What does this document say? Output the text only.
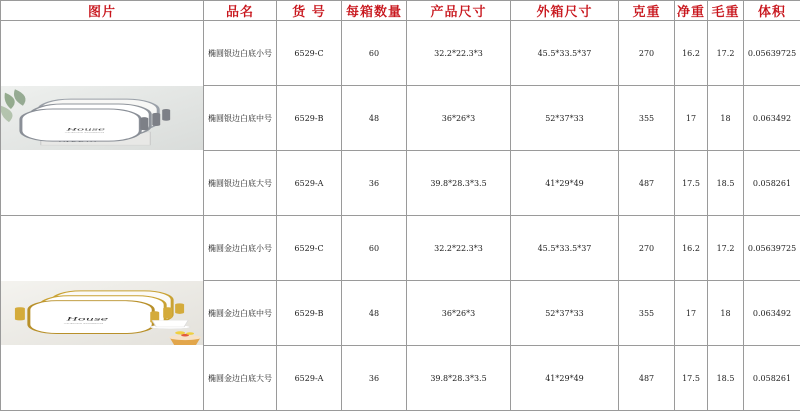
图片	品名	货 号	每箱数量	产品尺寸	外箱尺寸	克重	净重	毛重	体积

House
Household accessories	椭圆银边白底小号	6529-C	60	32.2*22.3*3	45.5*33.5*37	270	16.2	17.2	0.05639725
	椭圆银边白底中号	6529-B	48	36*26*3	52*37*33	355	17	18	0.063492
	椭圆银边白底大号	6529-A	36	39.8*28.3*3.5	41*29*49	487	17.5	18.5	0.058261

House
Household accessories	椭圆金边白底小号	6529-C	60	32.2*22.3*3	45.5*33.5*37	270	16.2	17.2	0.05639725
	椭圆金边白底中号	6529-B	48	36*26*3	52*37*33	355	17	18	0.063492
	椭圆金边白底大号	6529-A	36	39.8*28.3*3.5	41*29*49	487	17.5	18.5	0.058261
